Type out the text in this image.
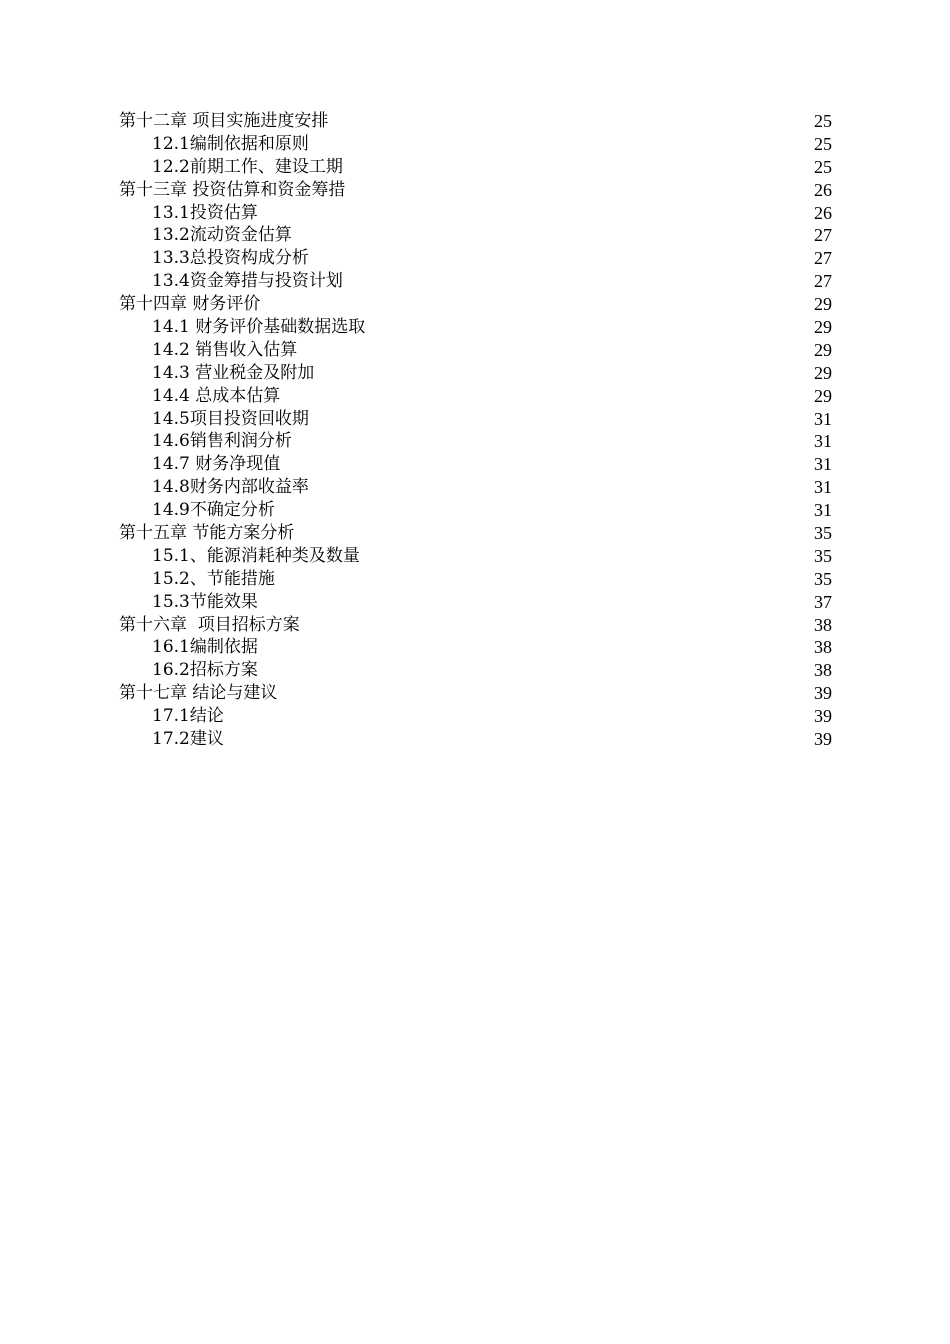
第十二章 项目实施进度安排	25
12.1编制依据和原则	25
12.2前期工作、建设工期	25
第十三章 投资估算和资金筹措	26
13.1投资估算	26
13.2流动资金估算	27
13.3总投资构成分析	27
13.4资金筹措与投资计划	27
第十四章 财务评价	29
14.1 财务评价基础数据选取	29
14.2 销售收入估算	29
14.3 营业税金及附加	29
14.4 总成本估算	29
14.5项目投资回收期	31
14.6销售利润分析	31
14.7 财务净现值	31
14.8财务内部收益率	31
14.9不确定分析	31
第十五章 节能方案分析	35
15.1、能源消耗种类及数量	35
15.2、节能措施	35
15.3节能效果	37
第十六章  项目招标方案	38
16.1编制依据	38
16.2招标方案	38
第十七章 结论与建议	39
17.1结论	39
17.2建议	39
